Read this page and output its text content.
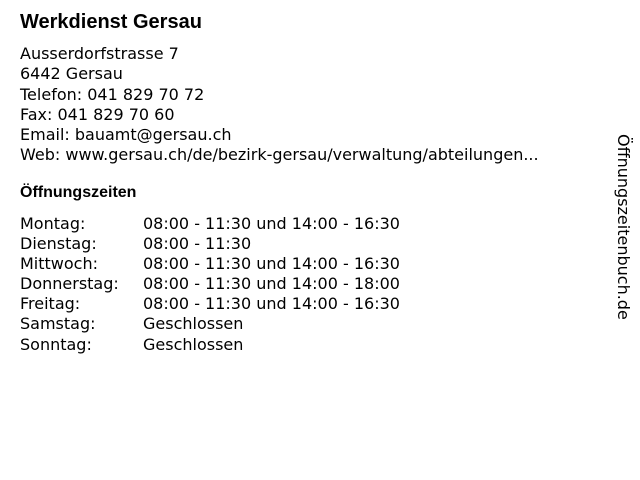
Werkdienst Gersau
Ausserdorfstrasse 7
6442 Gersau
Telefon: 041 829 70 72
Fax: 041 829 70 60
Email: bauamt@gersau.ch
Web: www.gersau.ch/de/bezirk-gersau/verwaltung/abteilungen...
Öffnungszeiten
Montag:	08:00 - 11:30 und 14:00 - 16:30
Dienstag:	08:00 - 11:30
Mittwoch:	08:00 - 11:30 und 14:00 - 16:30
Donnerstag: 08:00 - 11:30 und 14:00 - 18:00
Freitag:	08:00 - 11:30 und 14:00 - 16:30
Samstag:	Geschlossen
Sonntag:	Geschlossen
Öffnungszeitenbuch.de
